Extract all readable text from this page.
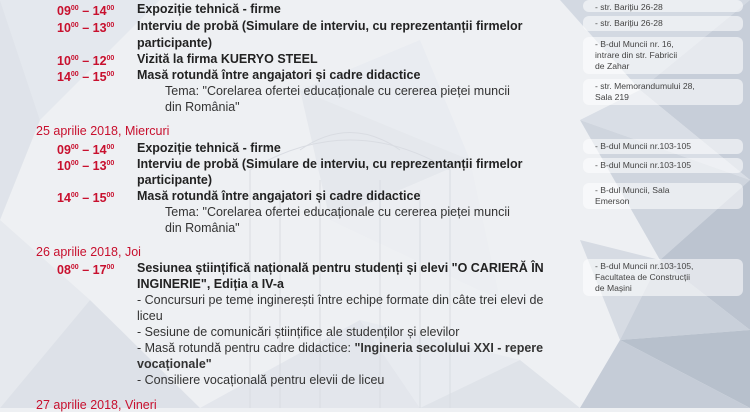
$09^{00} - 14^{00}$ Expoziție tehnică - firme
$10^{00} - 13^{00}$ Interviu de probă (Simulare de interviu, cu reprezentanții firmelor
participante)
$10^{00} - 12^{00}$ Vizită la firma KUERYO STEEL
$14^{00} - 15^{00}$ Masă rotundă între angajatori și cadre didactice
Tema: "Corelarea ofertei educaționale cu cererea pieței muncii
din România"
25 aprilie 2018, Miercuri
$09^{00} - 14^{00}$ Expoziție tehnică - firme
$10^{00} - 13^{00}$ Interviu de probă (Simulare de interviu, cu reprezentanții firmelor
participante)
$14^{00} - 15^{00}$ Masă rotundă între angajatori și cadre didactice
Tema: "Corelarea ofertei educaționale cu cererea pieței muncii
din România"
26 aprilie 2018, Joi
$08^{00} - 17^{00}$ Sesiunea științifică națională pentru studenți și elevi "O CARIERĂ ÎN
INGINERIE", Ediția a IV-a
- Concursuri pe teme inginerești între echipe formate din câte trei elevi de
liceu
- Sesiune de comunicări științifice ale studenților și elevilor
- Masă rotundă pentru cadre didactice: "Ingineria secolului XXI - repere
vocaționale"
- Consiliere vocațională pentru elevii de liceu
27 aprilie 2018, Vineri
- str. Barițiu 26-28
- str. Barițiu 26-28
- B-dul Muncii nr. 16,
intrare din str. Fabricii
de Zahar
- str. Memorandumului 28,
Sala 219
- B-dul Muncii nr.103-105
- B-dul Muncii nr.103-105
- B-dul Muncii, Sala
Emerson
- B-dul Muncii nr.103-105,
Facultatea de Construcții
de Mașini
